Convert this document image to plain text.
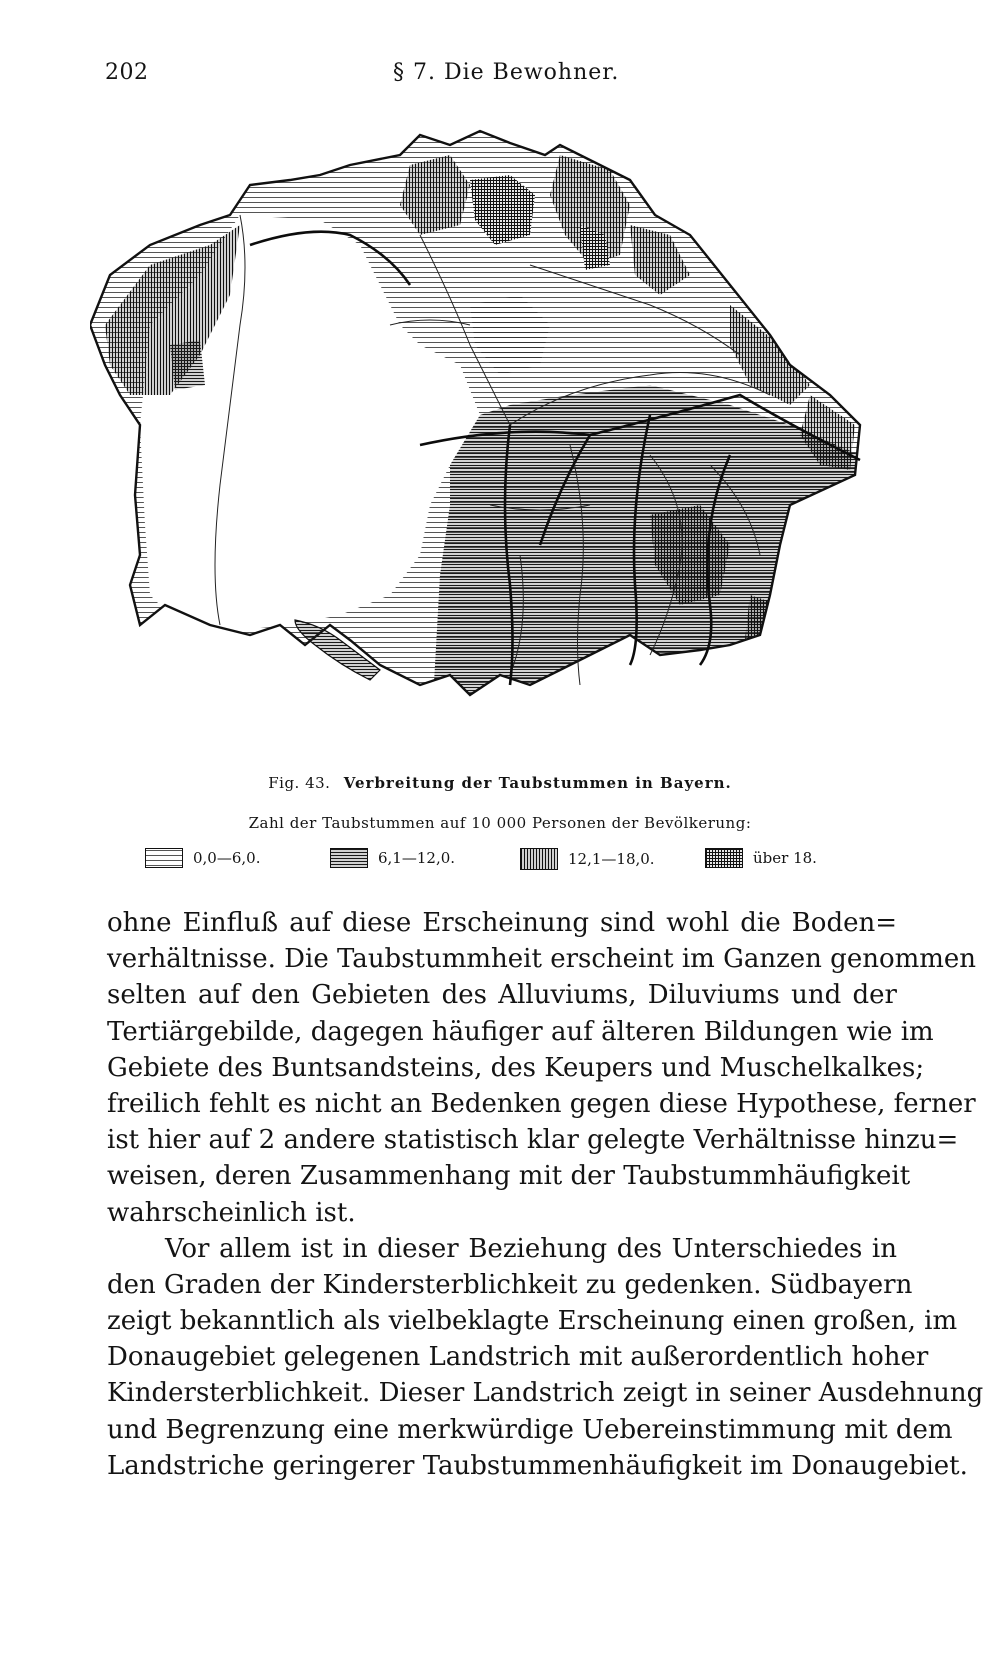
202	§ 7. Die Bewohner.
Fig. 43. Verbreitung der Taubstummen in Bayern.
Zahl der Taubstummen auf 10 000 Personen der Bevölkerung:
0,0—6,0.	6,1—12,0.	12,1—18,0.	über 18.
ohne Einfluß auf diese Erscheinung sind wohl die Boden=
verhältnisse. Die Taubstummheit erscheint im Ganzen genommen
selten auf den Gebieten des Alluviums, Diluviums und der
Tertiärgebilde, dagegen häufiger auf älteren Bildungen wie im
Gebiete des Buntsandsteins, des Keupers und Muschelkalkes;
freilich fehlt es nicht an Bedenken gegen diese Hypothese, ferner
ist hier auf 2 andere statistisch klar gelegte Verhältnisse hinzu=
weisen, deren Zusammenhang mit der Taubstummhäufigkeit
wahrscheinlich ist.
Vor allem ist in dieser Beziehung des Unterschiedes in
den Graden der Kindersterblichkeit zu gedenken. Südbayern
zeigt bekanntlich als vielbeklagte Erscheinung einen großen, im
Donaugebiet gelegenen Landstrich mit außerordentlich hoher
Kindersterblichkeit. Dieser Landstrich zeigt in seiner Ausdehnung
und Begrenzung eine merkwürdige Uebereinstimmung mit dem
Landstriche geringerer Taubstummenhäufigkeit im Donaugebiet.
